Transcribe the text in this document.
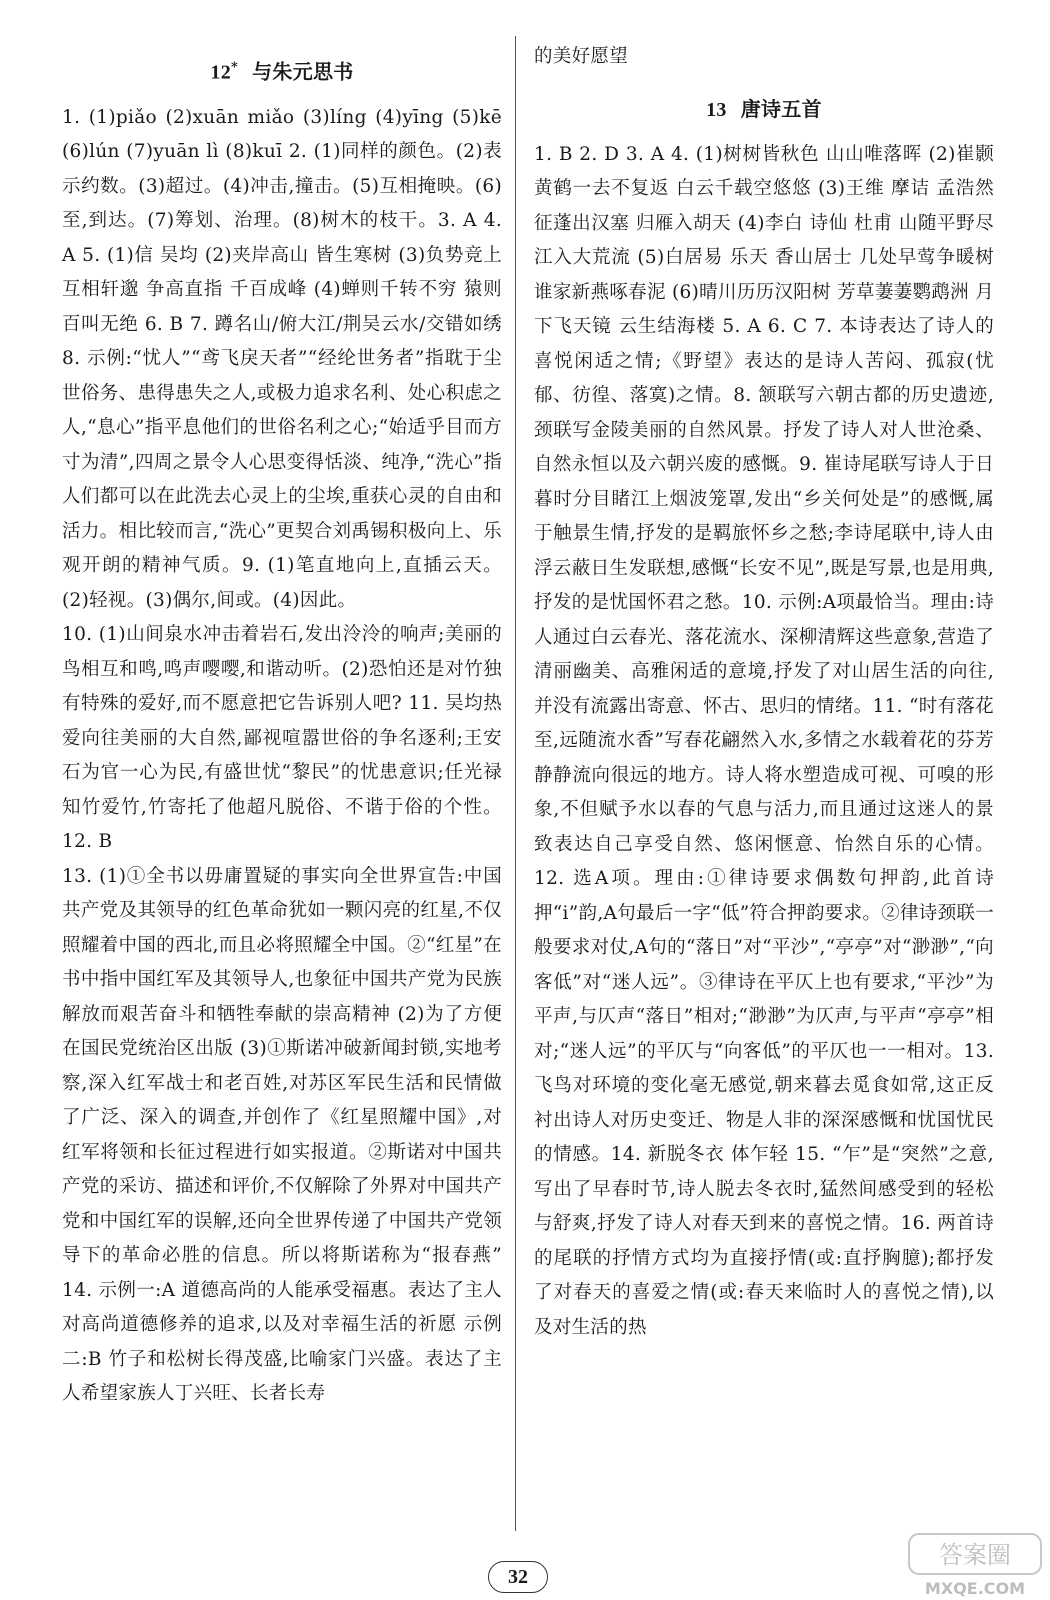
12* 与朱元思书

1. (1)piǎo (2)xuān miǎo (3)líng (4)yīng (5)kē (6)lún (7)yuān lì (8)kuī 2. (1)同样的颜色。(2)表示约数。(3)超过。(4)冲击,撞击。(5)互相掩映。(6)至,到达。(7)筹划、治理。(8)树木的枝干。3. A 4. A 5. (1)信 吴均 (2)夹岸高山 皆生寒树 (3)负势竞上 互相轩邈 争高直指 千百成峰 (4)蝉则千转不穷 猿则百叫无绝 6. B 7. 蹲名山/俯大江/荆吴云水/交错如绣 8. 示例:“忧人”“鸢飞戾天者”“经纶世务者”指耽于尘世俗务、患得患失之人,或极力追求名利、处心积虑之人,“息心”指平息他们的世俗名利之心;“始适乎目而方寸为清”,四周之景令人心思变得恬淡、纯净,“洗心”指人们都可以在此洗去心灵上的尘埃,重获心灵的自由和活力。相比较而言,“洗心”更契合刘禹锡积极向上、乐观开朗的精神气质。9. (1)笔直地向上,直插云天。(2)轻视。(3)偶尔,间或。(4)因此。

10. (1)山间泉水冲击着岩石,发出泠泠的响声;美丽的鸟相互和鸣,鸣声嘤嘤,和谐动听。(2)恐怕还是对竹独有特殊的爱好,而不愿意把它告诉别人吧? 11. 吴均热爱向往美丽的大自然,鄙视喧嚣世俗的争名逐利;王安石为官一心为民,有盛世忧“黎民”的忧患意识;任光禄知竹爱竹,竹寄托了他超凡脱俗、不谐于俗的个性。12. B

13. (1)①全书以毋庸置疑的事实向全世界宣告:中国共产党及其领导的红色革命犹如一颗闪亮的红星,不仅照耀着中国的西北,而且必将照耀全中国。②“红星”在书中指中国红军及其领导人,也象征中国共产党为民族解放而艰苦奋斗和牺牲奉献的崇高精神 (2)为了方便在国民党统治区出版 (3)①斯诺冲破新闻封锁,实地考察,深入红军战士和老百姓,对苏区军民生活和民情做了广泛、深入的调查,并创作了《红星照耀中国》,对红军将领和长征过程进行如实报道。②斯诺对中国共产党的采访、描述和评价,不仅解除了外界对中国共产党和中国红军的误解,还向全世界传递了中国共产党领导下的革命必胜的信息。所以将斯诺称为“报春燕” 14. 示例一:A 道德高尚的人能承受福惠。表达了主人对高尚道德修养的追求,以及对幸福生活的祈愿 示例二:B 竹子和松树长得茂盛,比喻家门兴盛。表达了主人希望家族人丁兴旺、长者长寿

的美好愿望
13 唐诗五首

1. B 2. D 3. A 4. (1)树树皆秋色 山山唯落晖 (2)崔颢 黄鹤一去不复返 白云千载空悠悠 (3)王维 摩诘 孟浩然 征蓬出汉塞 归雁入胡天 (4)李白 诗仙 杜甫 山随平野尽 江入大荒流 (5)白居易 乐天 香山居士 几处早莺争暖树 谁家新燕啄春泥 (6)晴川历历汉阳树 芳草萋萋鹦鹉洲 月下飞天镜 云生结海楼 5. A 6. C 7. 本诗表达了诗人的喜悦闲适之情;《野望》表达的是诗人苦闷、孤寂(忧郁、彷徨、落寞)之情。8. 颔联写六朝古都的历史遗迹,颈联写金陵美丽的自然风景。抒发了诗人对人世沧桑、自然永恒以及六朝兴废的感慨。9. 崔诗尾联写诗人于日暮时分目睹江上烟波笼罩,发出“乡关何处是”的感慨,属于触景生情,抒发的是羁旅怀乡之愁;李诗尾联中,诗人由浮云蔽日生发联想,感慨“长安不见”,既是写景,也是用典,抒发的是忧国怀君之愁。10. 示例:A项最恰当。理由:诗人通过白云春光、落花流水、深柳清辉这些意象,营造了清丽幽美、高雅闲适的意境,抒发了对山居生活的向往,并没有流露出寄意、怀古、思归的情绪。11. “时有落花至,远随流水香”写春花翩然入水,多情之水载着花的芬芳静静流向很远的地方。诗人将水塑造成可视、可嗅的形象,不但赋予水以春的气息与活力,而且通过这迷人的景致表达自己享受自然、悠闲惬意、怡然自乐的心情。12. 选A项。理由:①律诗要求偶数句押韵,此首诗押“i”韵,A句最后一字“低”符合押韵要求。②律诗颈联一般要求对仗,A句的“落日”对“平沙”,“亭亭”对“渺渺”,“向客低”对“迷人远”。③律诗在平仄上也有要求,“平沙”为平声,与仄声“落日”相对;“渺渺”为仄声,与平声“亭亭”相对;“迷人远”的平仄与“向客低”的平仄也一一相对。13. 飞鸟对环境的变化毫无感觉,朝来暮去觅食如常,这正反衬出诗人对历史变迁、物是人非的深深感慨和忧国忧民的情感。14. 新脱冬衣 体乍轻 15. “乍”是“突然”之意,写出了早春时节,诗人脱去冬衣时,猛然间感受到的轻松与舒爽,抒发了诗人对春天到来的喜悦之情。16. 两首诗的尾联的抒情方式均为直接抒情(或:直抒胸臆);都抒发了对春天的喜爱之情(或:春天来临时人的喜悦之情),以及对生活的热

32
答案圈
MXQE.COM
